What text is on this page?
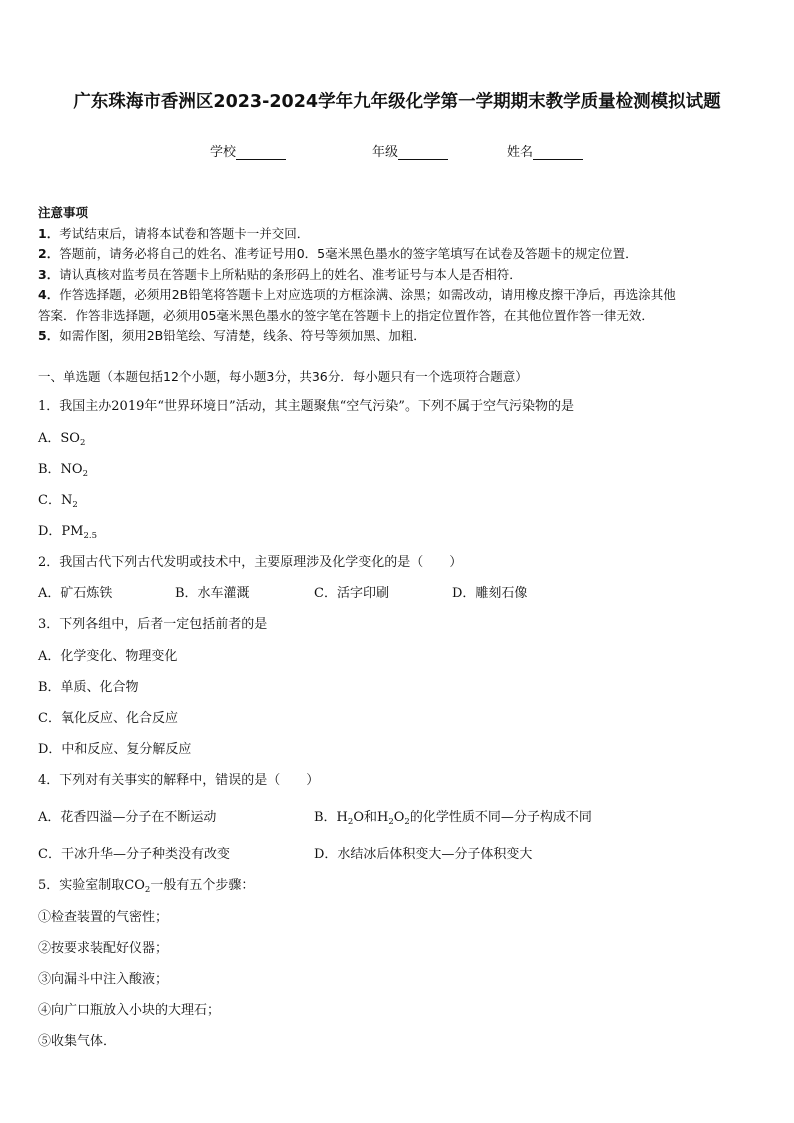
广东珠海市香洲区2023-2024学年九年级化学第一学期期末教学质量检测模拟试题
学校	年级	姓名
注意事项
1．考试结束后，请将本试卷和答题卡一并交回．
2．答题前，请务必将自己的姓名、准考证号用0．5毫米黑色墨水的签字笔填写在试卷及答题卡的规定位置．
3．请认真核对监考员在答题卡上所粘贴的条形码上的姓名、准考证号与本人是否相符．
4．作答选择题，必须用2B铅笔将答题卡上对应选项的方框涂满、涂黑；如需改动，请用橡皮擦干净后，再选涂其他
答案．作答非选择题，必须用05毫米黑色墨水的签字笔在答题卡上的指定位置作答，在其他位置作答一律无效．
5．如需作图，须用2B铅笔绘、写清楚，线条、符号等须加黑、加粗．
一、单选题（本题包括12个小题，每小题3分，共36分．每小题只有一个选项符合题意）
1．我国主办2019年“世界环境日”活动，其主题聚焦“空气污染”。下列不属于空气污染物的是
A．$SO_2$
B．$NO_2$
C．$N_2$
D．$PM_{2.5}$
2．我国古代下列古代发明或技术中，主要原理涉及化学变化的是（　　）
A．矿石炼铁	B．水车灌溉	C．活字印刷	D．雕刻石像
3．下列各组中，后者一定包括前者的是
A．化学变化、物理变化
B．单质、化合物
C．氧化反应、化合反应
D．中和反应、复分解反应
4．下列对有关事实的解释中，错误的是（　　）
A．花香四溢—分子在不断运动	B．$H_2O$和$H_2O_2$的化学性质不同—分子构成不同
C．干冰升华—分子种类没有改变	D．水结冰后体积变大—分子体积变大
5．实验室制取$CO_2$一般有五个步骤：
①检查装置的气密性；
②按要求装配好仪器；
③向漏斗中注入酸液；
④向广口瓶放入小块的大理石；
⑤收集气体．
